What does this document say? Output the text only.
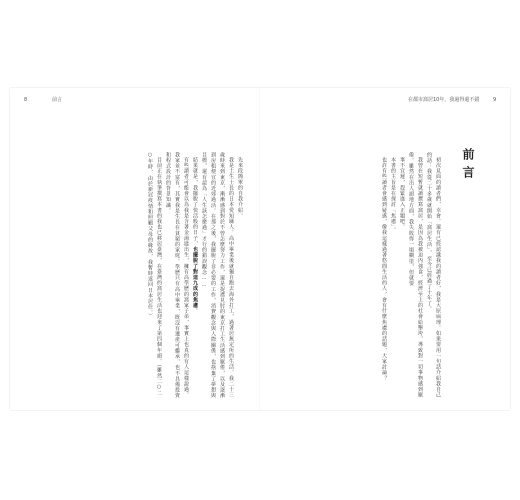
8	前言	在都市窩居10年，我過得還不錯	9
前言

初次見面的讀者們，幸會。還有已經認識我的讀者好，我是大原扁理。如果要用一句話介紹我自己的話：我從二十多歲就開始「窩居生活」，至今已經過了十年了。

我曾在短暫就讀撰寫窩居，是因為我被迫內強食，經濟至上的社會給擊垮，導致對一切事物感到厭倦。雖然在出人頭地方面，我失敗得一塌糊塗，但就要

事不宜遲，趕緊進入正題吧。

本書的主旨是在探討「焦慮」。

也許有些讀者會感到疑惑，像我這樣過著悠閒生活的人，會有什麼焦慮的話題，大家討論？

先來段簡單的自我介紹。

我是土生土長的日本愛知縣人。高中畢業後就獨自跑去海外打工，過著居無定所的生活。我二十三歲時來到東京，漸漸感到對於不曾怎麼努力工作，還是捉襟見肘的東京打工生活感到厭倦，以及逐漸到房租便宜的近郊過活。在那之後，我擺脫了非必要的工作，消費觀念與人際關係，也捨棄了夢想與目標，還有認為「人生該怎麼過」才行的錯誤觀念……

結果就是，我擺脫了快活般的日子，也擺脫了對這九成的焦慮。

有些讀者可能會以為我是含著金湯匙出生，擁有高學歷的窩家子弟，事實上也真的有人這樣說過。我家並不富有，其實我是生長在貧窮的家庭。學歷只有高中畢業，既沒有遺產可繼承，也不具備投資和程式設計的背景知識。

目前正在執筆撰寫本書的我也已移居臺灣，在臺灣的窩居生活也迎來了第四個年頭。（雖然二○二○年時，由於新冠疫情和照顧父母的緣故，我暫時返回日本居住。）
